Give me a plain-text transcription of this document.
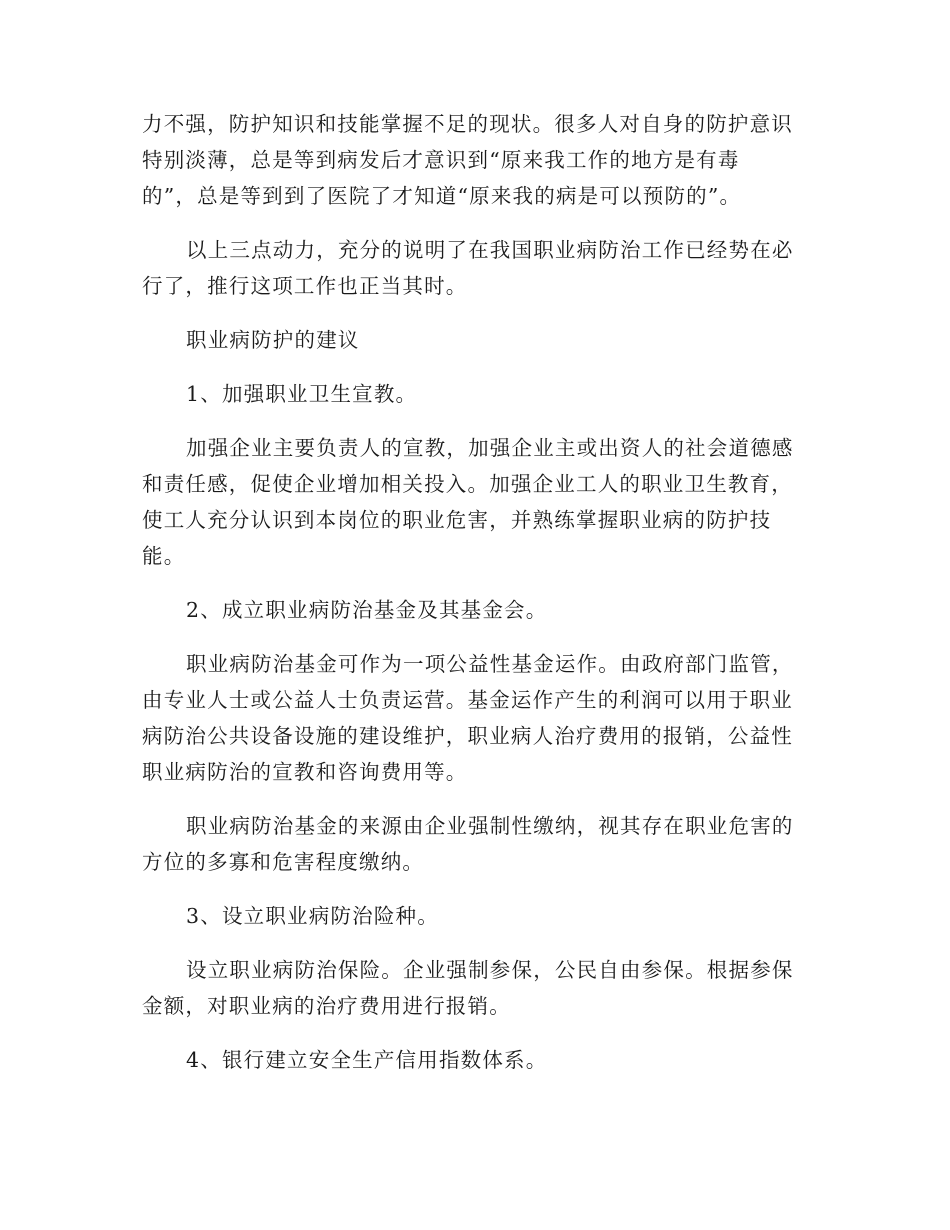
力不强，防护知识和技能掌握不足的现状。很多人对自身的防护意识
特别淡薄，总是等到病发后才意识到“原来我工作的地方是有毒
的”，总是等到到了医院了才知道“原来我的病是可以预防的”。
以上三点动力，充分的说明了在我国职业病防治工作已经势在必
行了，推行这项工作也正当其时。
职业病防护的建议
1、加强职业卫生宣教。
加强企业主要负责人的宣教，加强企业主或出资人的社会道德感
和责任感，促使企业增加相关投入。加强企业工人的职业卫生教育，
使工人充分认识到本岗位的职业危害，并熟练掌握职业病的防护技
能。
2、成立职业病防治基金及其基金会。
职业病防治基金可作为一项公益性基金运作。由政府部门监管，
由专业人士或公益人士负责运营。基金运作产生的利润可以用于职业
病防治公共设备设施的建设维护，职业病人治疗费用的报销，公益性
职业病防治的宣教和咨询费用等。
职业病防治基金的来源由企业强制性缴纳，视其存在职业危害的
方位的多寡和危害程度缴纳。
3、设立职业病防治险种。
设立职业病防治保险。企业强制参保，公民自由参保。根据参保
金额，对职业病的治疗费用进行报销。
4、银行建立安全生产信用指数体系。
